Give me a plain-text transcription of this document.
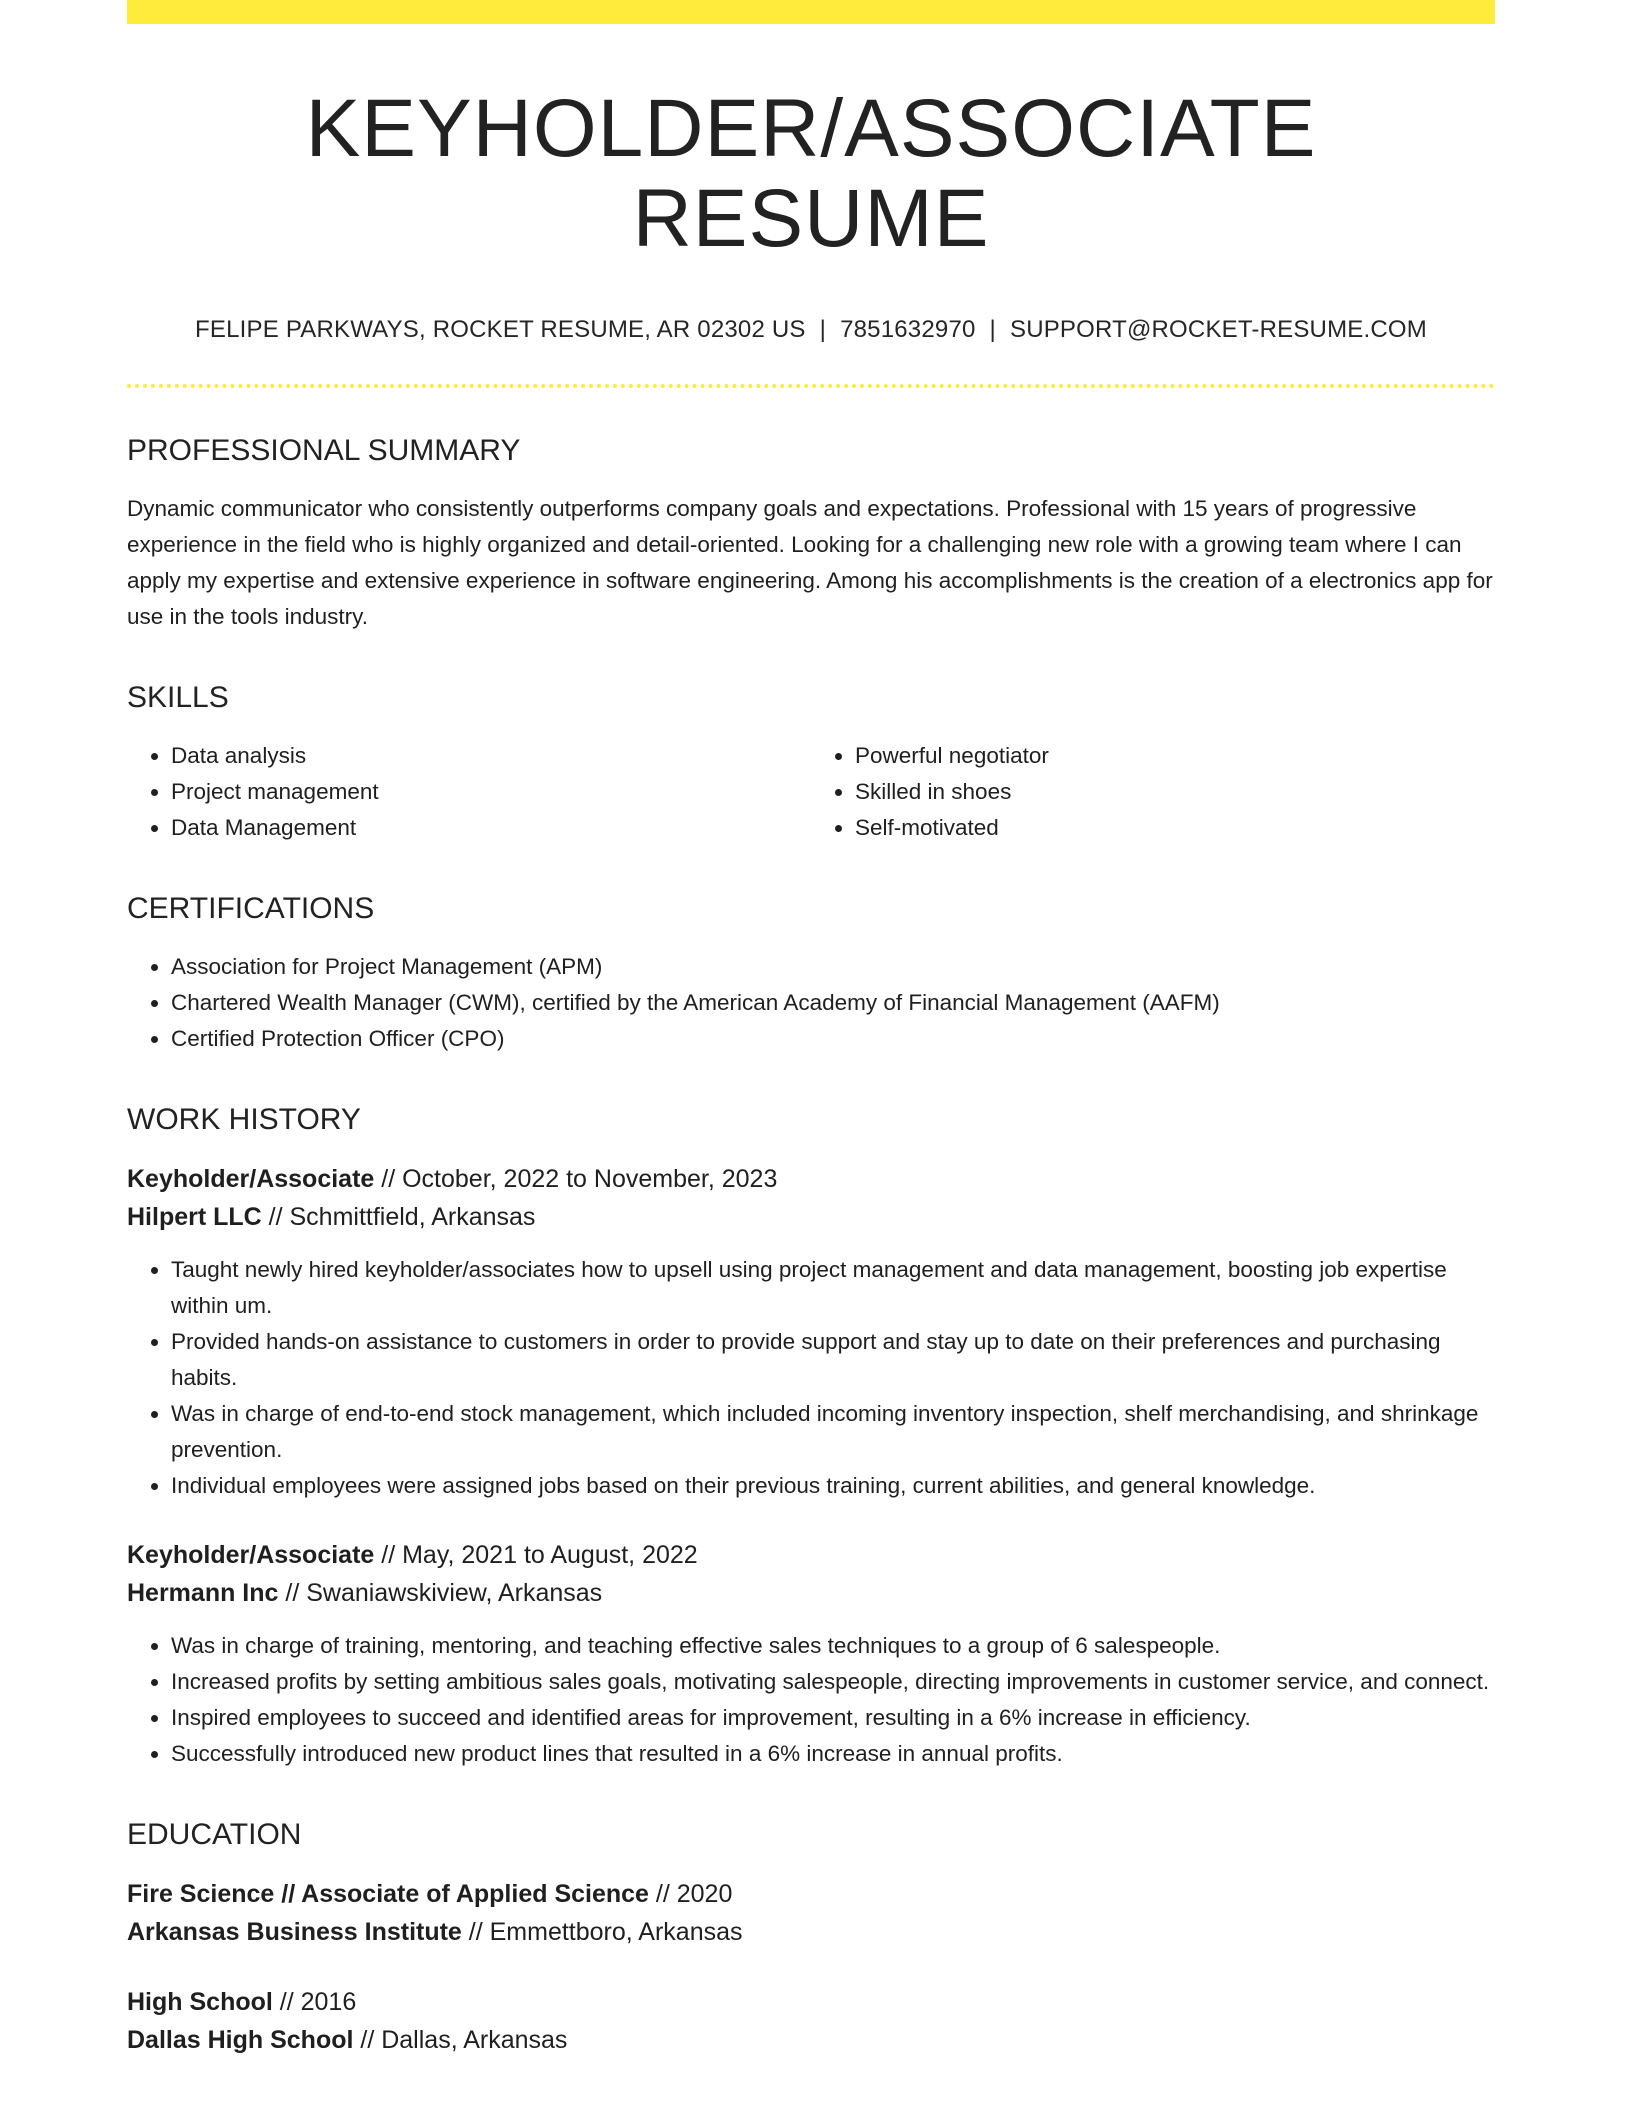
KEYHOLDER/ASSOCIATE RESUME
FELIPE PARKWAYS, ROCKET RESUME, AR 02302 US | 7851632970 | SUPPORT@ROCKET-RESUME.COM
PROFESSIONAL SUMMARY

Dynamic communicator who consistently outperforms company goals and expectations. Professional with 15 years of progressive experience in the field who is highly organized and detail-oriented. Looking for a challenging new role with a growing team where I can apply my expertise and extensive experience in software engineering. Among his accomplishments is the creation of a electronics app for use in the tools industry.

SKILLS
• Data analysis
• Project management
• Data Management
• Powerful negotiator
• Skilled in shoes
• Self-motivated
CERTIFICATIONS
• Association for Project Management (APM)
• Chartered Wealth Manager (CWM), certified by the American Academy of Financial Management (AAFM)
• Certified Protection Officer (CPO)
WORK HISTORY
Keyholder/Associate // October, 2022 to November, 2023
Hilpert LLC // Schmittfield, Arkansas
• Taught newly hired keyholder/associates how to upsell using project management and data management, boosting job expertise within um.
• Provided hands-on assistance to customers in order to provide support and stay up to date on their preferences and purchasing habits.
• Was in charge of end-to-end stock management, which included incoming inventory inspection, shelf merchandising, and shrinkage prevention.
• Individual employees were assigned jobs based on their previous training, current abilities, and general knowledge.
Keyholder/Associate // May, 2021 to August, 2022
Hermann Inc // Swaniawskiview, Arkansas
• Was in charge of training, mentoring, and teaching effective sales techniques to a group of 6 salespeople.
• Increased profits by setting ambitious sales goals, motivating salespeople, directing improvements in customer service, and connect.
• Inspired employees to succeed and identified areas for improvement, resulting in a 6% increase in efficiency.
• Successfully introduced new product lines that resulted in a 6% increase in annual profits.
EDUCATION
Fire Science // Associate of Applied Science // 2020
Arkansas Business Institute // Emmettboro, Arkansas
High School // 2016
Dallas High School // Dallas, Arkansas
